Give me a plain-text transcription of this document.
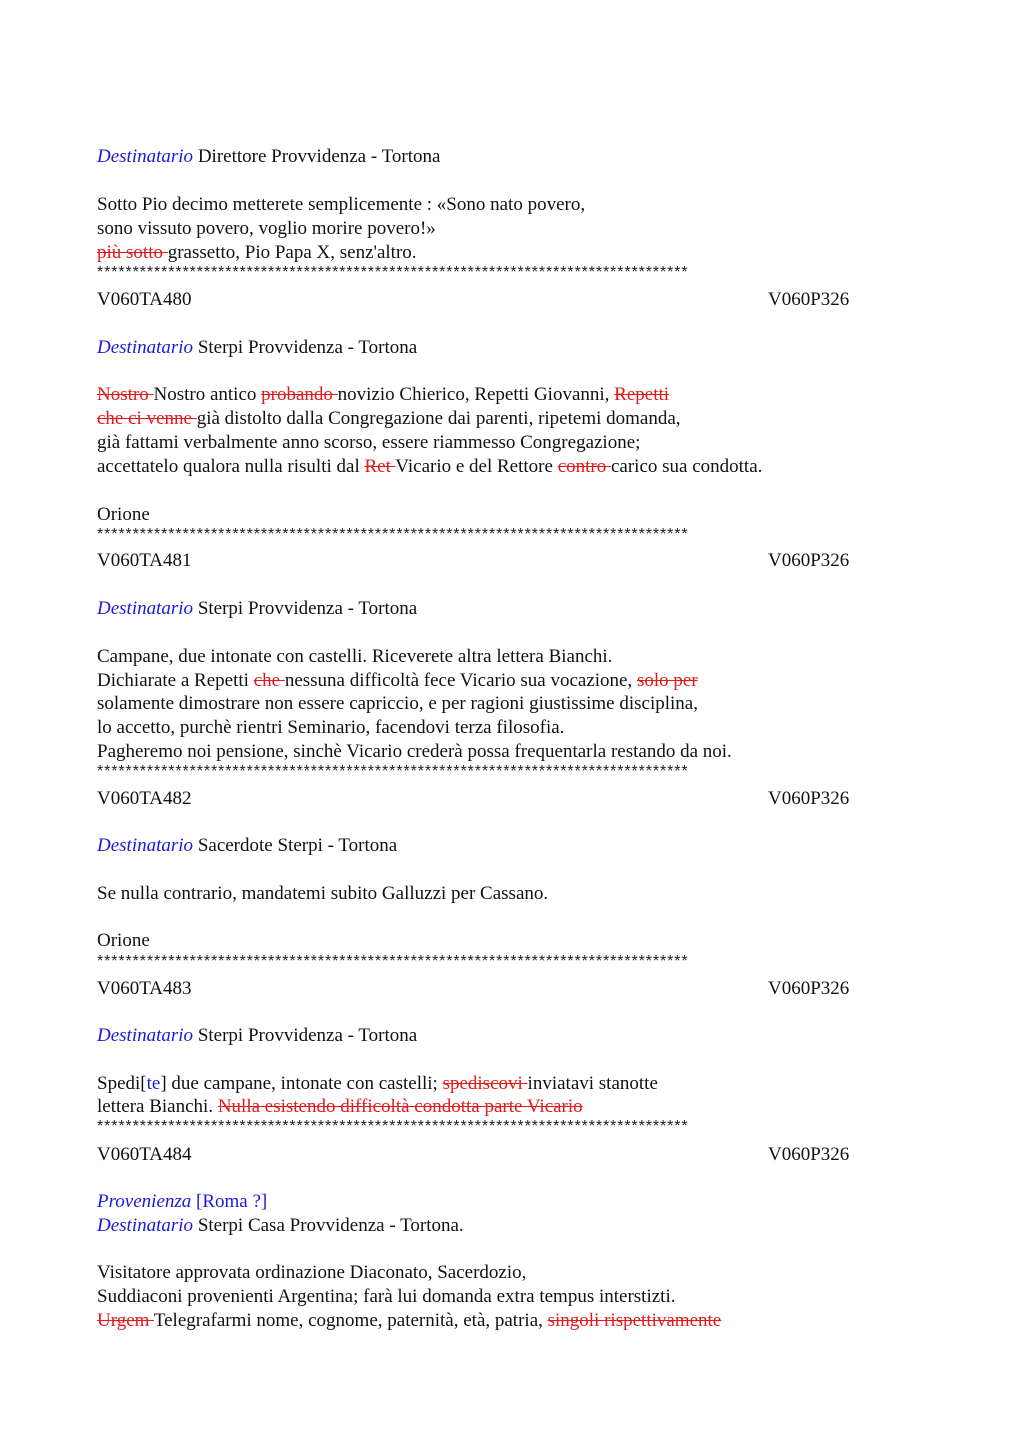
Destinatario Direttore Provvidenza - Tortona
Sotto Pio decimo metterete semplicemente : «Sono nato povero,
sono vissuto povero, voglio morire povero!»
più sotto grassetto, Pio Papa X, senz'altro.
***********************************************************************************
V060TA480	V060P326
Destinatario Sterpi Provvidenza - Tortona
Nostro Nostro antico probando novizio Chierico, Repetti Giovanni, Repetti
che ci venne già distolto dalla Congregazione dai parenti, ripetemi domanda,
già fattami verbalmente anno scorso, essere riammesso Congregazione;
accettatelo qualora nulla risulti dal Ret Vicario e del Rettore contro carico sua condotta.
Orione
***********************************************************************************
V060TA481	V060P326
Destinatario Sterpi Provvidenza - Tortona
Campane, due intonate con castelli. Riceverete altra lettera Bianchi.
Dichiarate a Repetti che nessuna difficoltà fece Vicario sua vocazione, solo per
solamente dimostrare non essere capriccio, e per ragioni giustissime disciplina,
lo accetto, purchè rientri Seminario, facendovi terza filosofia.
Pagheremo noi pensione, sinchè Vicario crederà possa frequentarla restando da noi.
***********************************************************************************
V060TA482	V060P326
Destinatario Sacerdote Sterpi - Tortona
Se nulla contrario, mandatemi subito Galluzzi per Cassano.
Orione
***********************************************************************************
V060TA483	V060P326
Destinatario Sterpi Provvidenza - Tortona
Spedi[te] due campane, intonate con castelli; spediscovi inviatavi stanotte
lettera Bianchi. Nulla esistendo difficoltà condotta parte Vicario
***********************************************************************************
V060TA484	V060P326
Provenienza [Roma ?]
Destinatario Sterpi Casa Provvidenza - Tortona.
Visitatore approvata ordinazione Diaconato, Sacerdozio,
Suddiaconi provenienti Argentina; farà lui domanda extra tempus interstizti.
Urgem Telegrafarmi nome, cognome, paternità, età, patria, singoli rispettivamente
